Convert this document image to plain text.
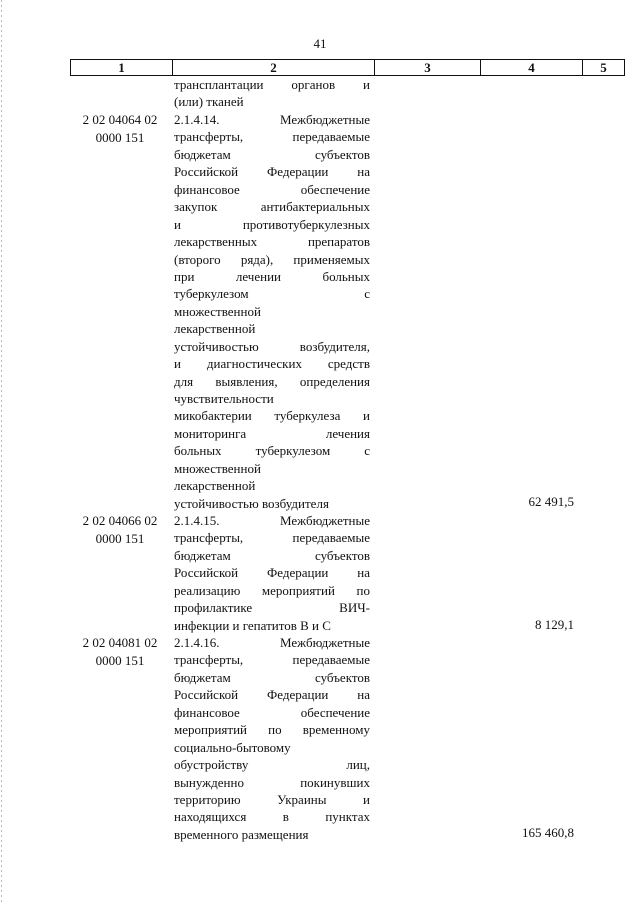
41
1	2	3	4	5
трансплантации органов и
(или) тканей
2 02 04064 02
0000 151
2.1.4.14. Межбюджетные
трансферты, передаваемые
бюджетам субъектов
Российской Федерации на
финансовое обеспечение
закупок антибактериальных
и противотуберкулезных
лекарственных препаратов
(второго ряда), применяемых
при лечении больных
туберкулезом с
множественной
лекарственной
устойчивостью возбудителя,
и диагностических средств
для выявления, определения
чувствительности
микобактерии туберкулеза и
мониторинга лечения
больных туберкулезом с
множественной
лекарственной
устойчивостью возбудителя	62 491,5
2 02 04066 02
0000 151
2.1.4.15. Межбюджетные
трансферты, передаваемые
бюджетам субъектов
Российской Федерации на
реализацию мероприятий по
профилактике ВИЧ-
инфекции и гепатитов В и С	8 129,1
2 02 04081 02
0000 151
2.1.4.16. Межбюджетные
трансферты, передаваемые
бюджетам субъектов
Российской Федерации на
финансовое обеспечение
мероприятий по временному
социально-бытовому
обустройству лиц,
вынужденно покинувших
территорию Украины и
находящихся в пунктах
временного размещения	165 460,8
